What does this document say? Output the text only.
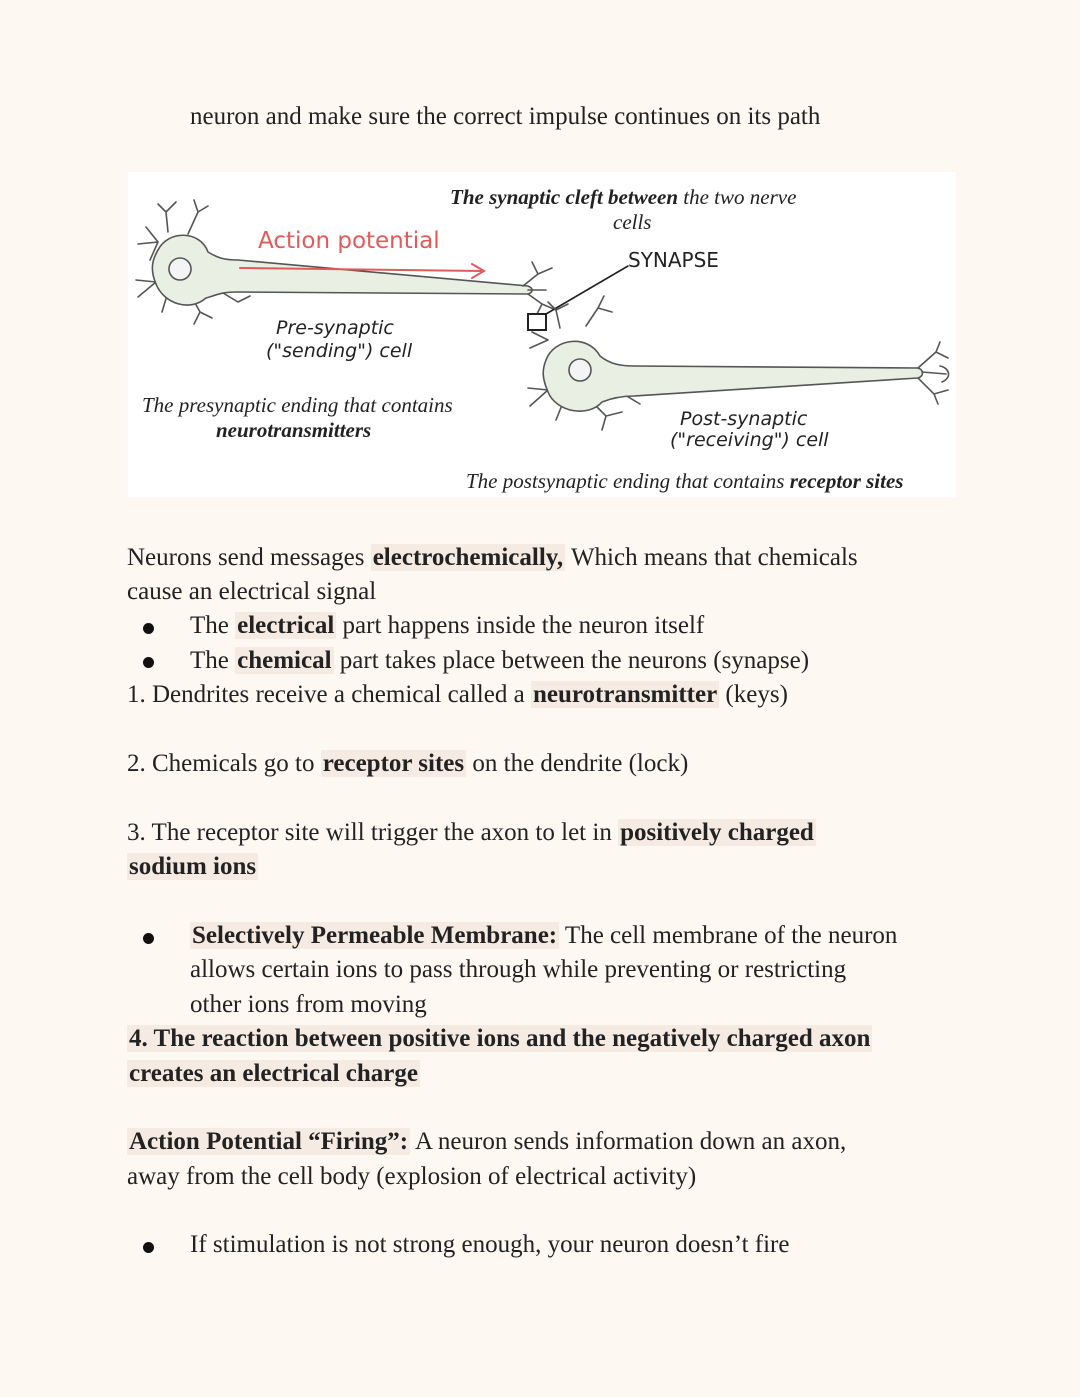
neuron and make sure the correct impulse continues on its path
The synaptic cleft between the two nerve
cells
Action potential
SYNAPSE
Pre-synaptic
("sending") cell
The presynaptic ending that contains
neurotransmitters	Post-synaptic
("receiving") cell
The postsynaptic ending that contains receptor sites
Neurons send messages electrochemically, Which means that chemicals
cause an electrical signal
The electrical part happens inside the neuron itself
The chemical part takes place between the neurons (synapse)
1. Dendrites receive a chemical called a neurotransmitter (keys)
2. Chemicals go to receptor sites on the dendrite (lock)
3. The receptor site will trigger the axon to let in positively charged
sodium ions
Selectively Permeable Membrane: The cell membrane of the neuron
allows certain ions to pass through while preventing or restricting
other ions from moving
4. The reaction between positive ions and the negatively charged axon
creates an electrical charge
Action Potential “Firing”: A neuron sends information down an axon,
away from the cell body (explosion of electrical activity)
If stimulation is not strong enough, your neuron doesn’t fire
